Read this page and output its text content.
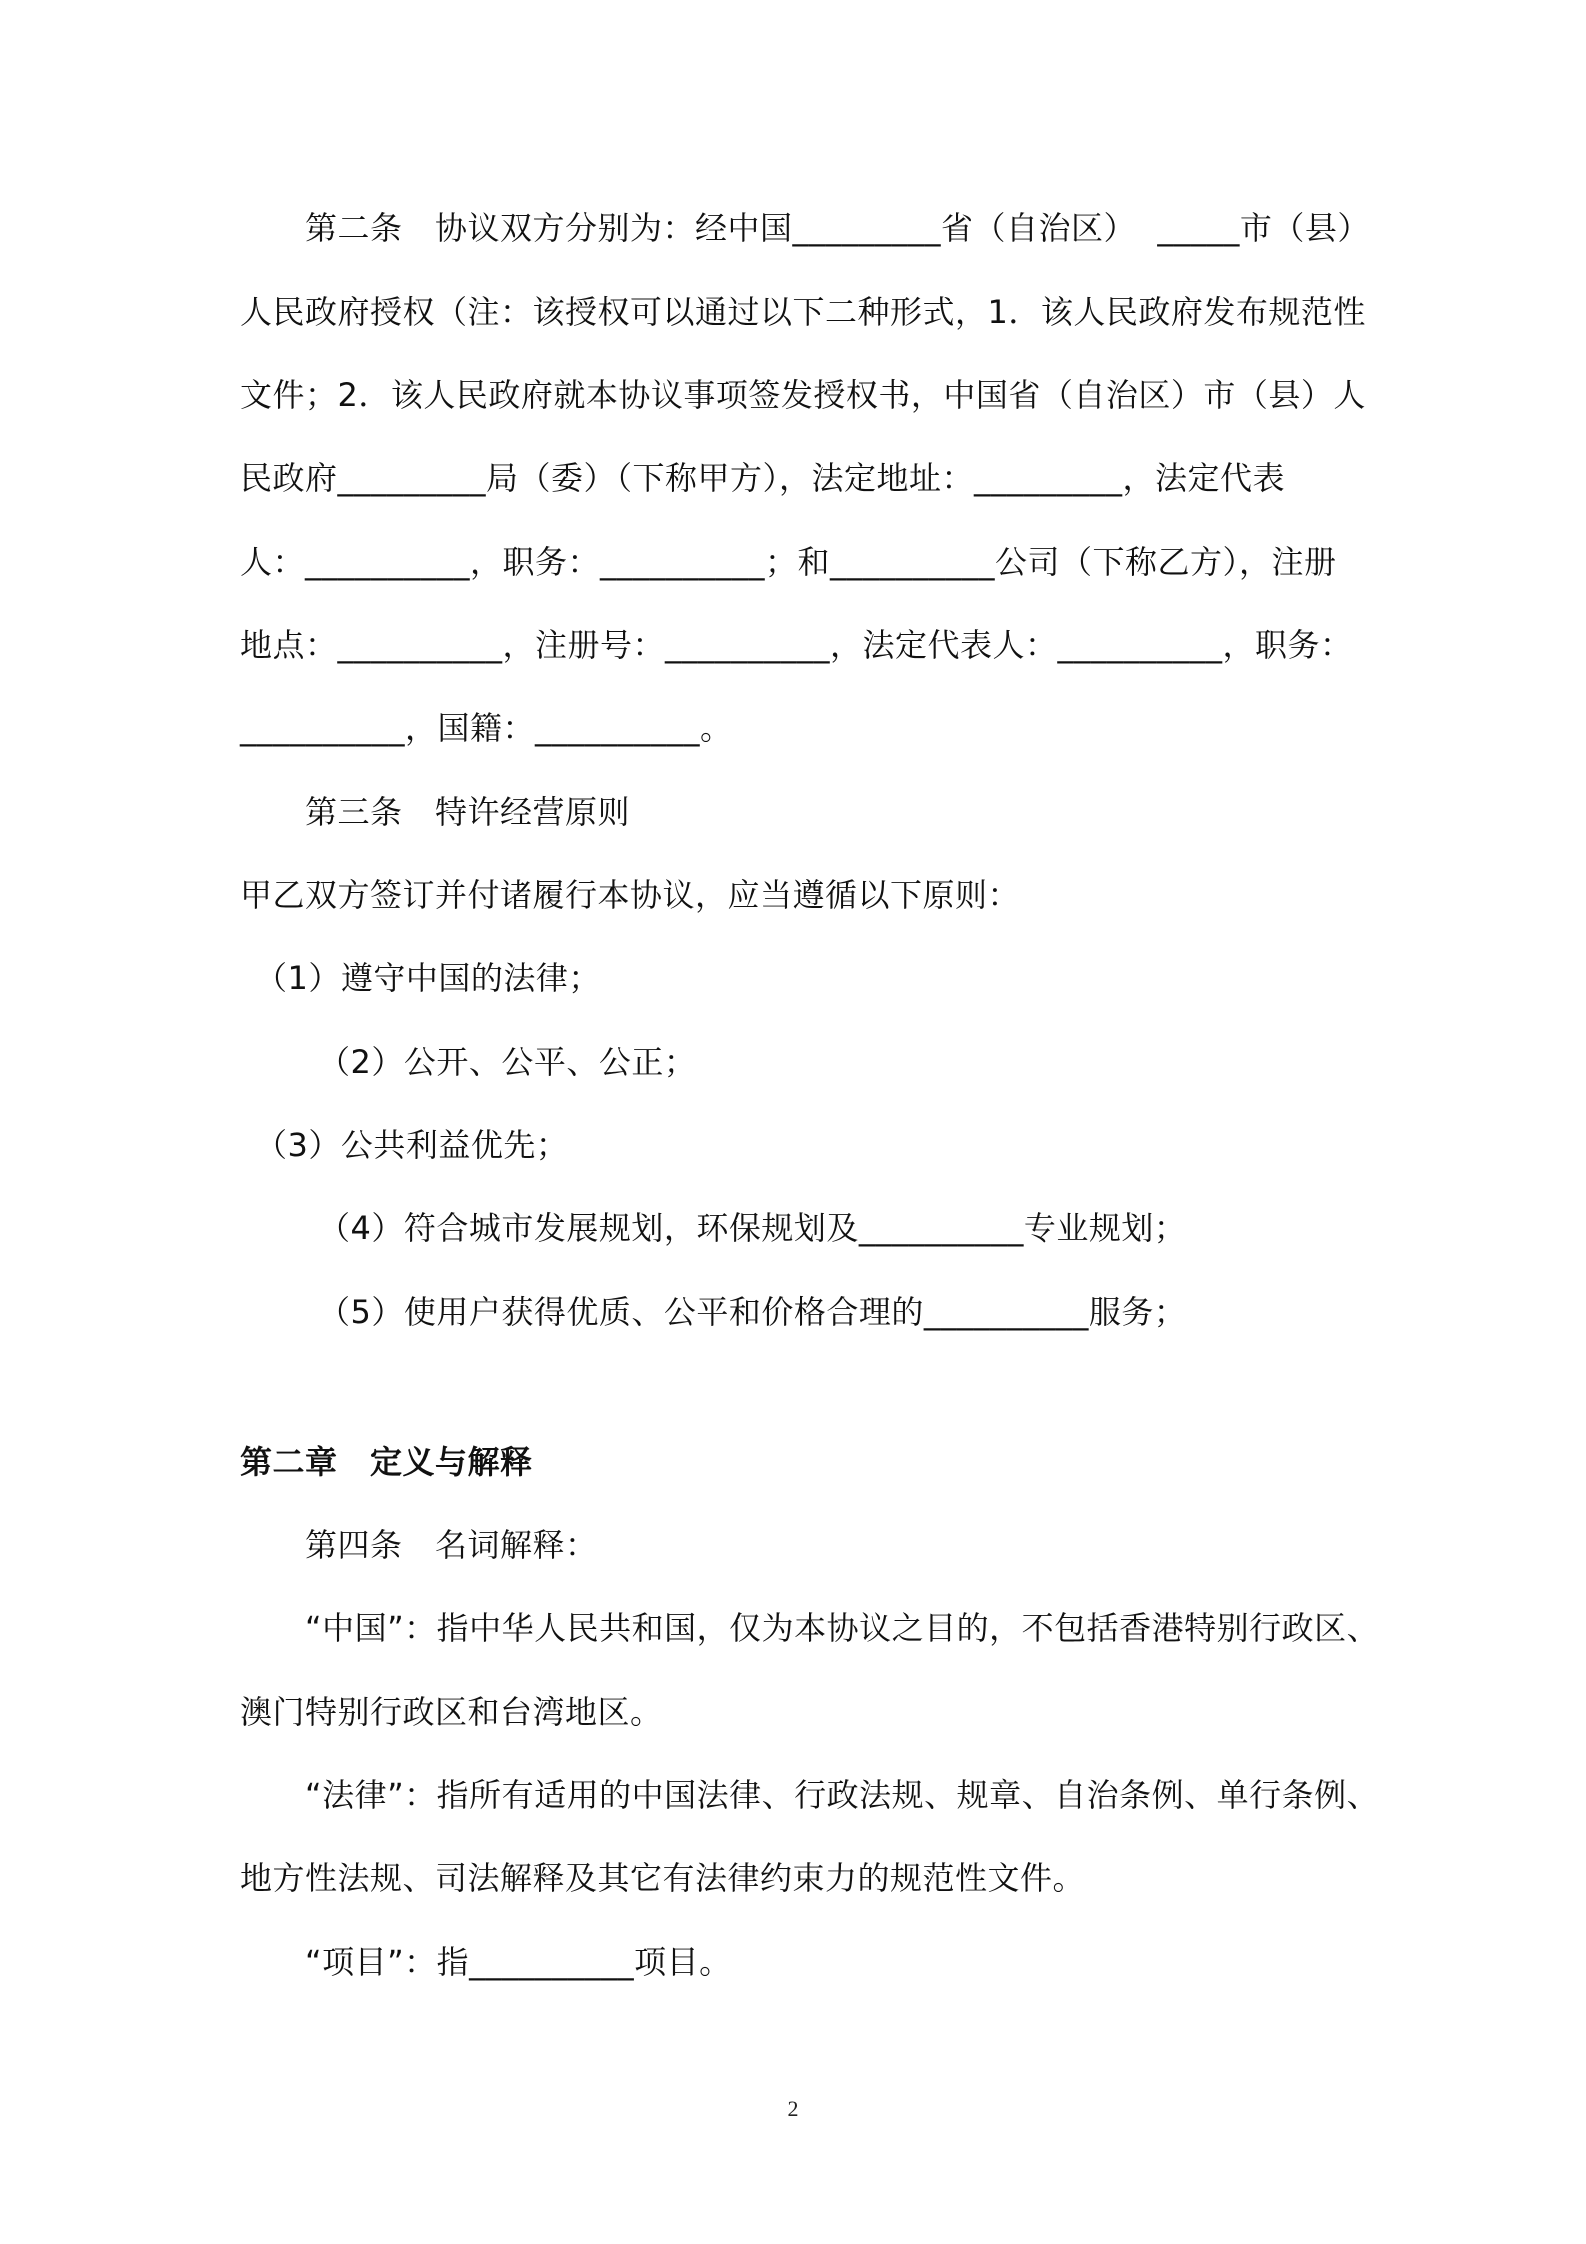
第二条　协议双方分别为：经中国_________省（自治区）  _____市（县）

人民政府授权（注：该授权可以通过以下二种形式，1．该人民政府发布规范性

文件；2．该人民政府就本协议事项签发授权书，中国省（自治区）市（县）人

民政府_________局（委）（下称甲方），法定地址：_________，法定代表

人：__________，职务：__________；和__________公司（下称乙方），注册

地点：__________，注册号：__________，法定代表人：__________，职务：

__________，国籍：__________。

第三条　特许经营原则

甲乙双方签订并付诸履行本协议，应当遵循以下原则：

（1）遵守中国的法律；

（2）公开、公平、公正；

（3）公共利益优先；

（4）符合城市发展规划，环保规划及__________专业规划；

（5）使用户获得优质、公平和价格合理的__________服务；

第二章　定义与解释

第四条　名词解释：

“中国”：指中华人民共和国，仅为本协议之目的，不包括香港特别行政区、

澳门特别行政区和台湾地区。

“法律”：指所有适用的中国法律、行政法规、规章、自治条例、单行条例、

地方性法规、司法解释及其它有法律约束力的规范性文件。

“项目”：指__________项目。

2
